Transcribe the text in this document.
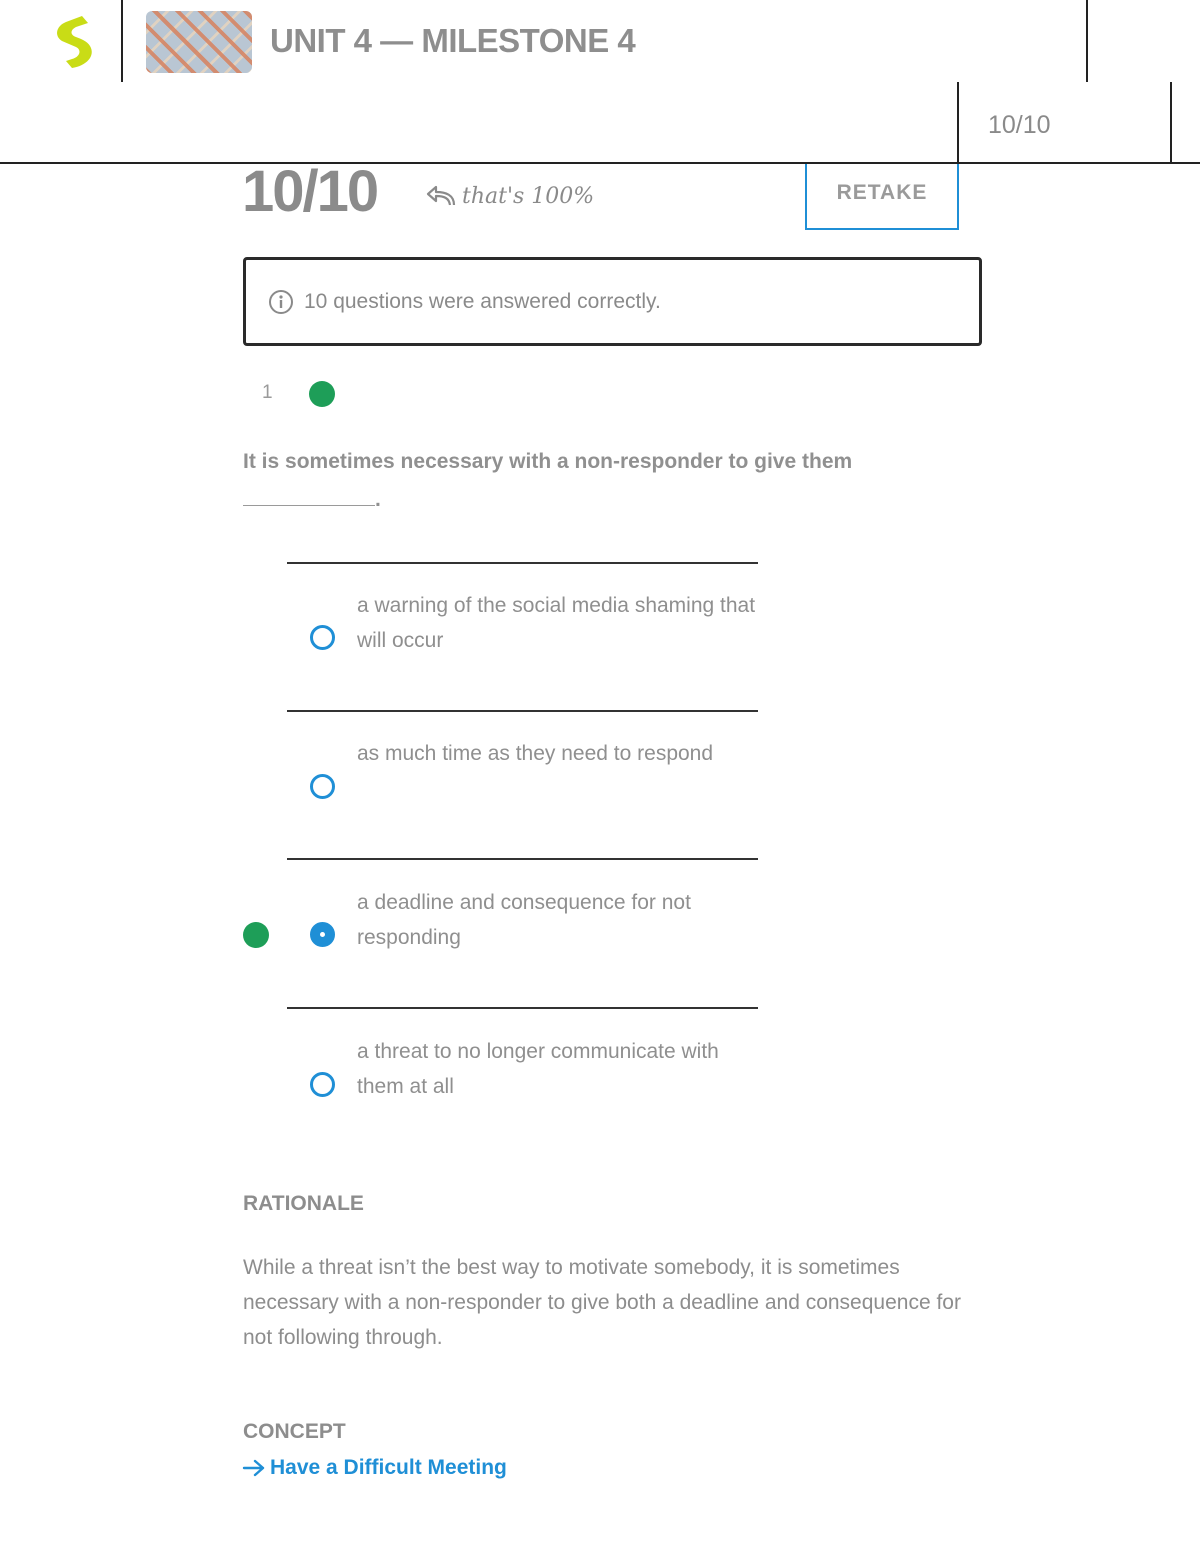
UNIT 4 — MILESTONE 4
10/10
10/10	that's 100%	RETAKE
10 questions were answered correctly.
1
It is sometimes necessary with a non-responder to give them .
a warning of the social media shaming that will occur
as much time as they need to respond
a deadline and consequence for not responding
a threat to no longer communicate with them at all
RATIONALE
While a threat isn’t the best way to motivate somebody, it is sometimes necessary with a non-responder to give both a deadline and consequence for not following through.
CONCEPT
Have a Difficult Meeting
